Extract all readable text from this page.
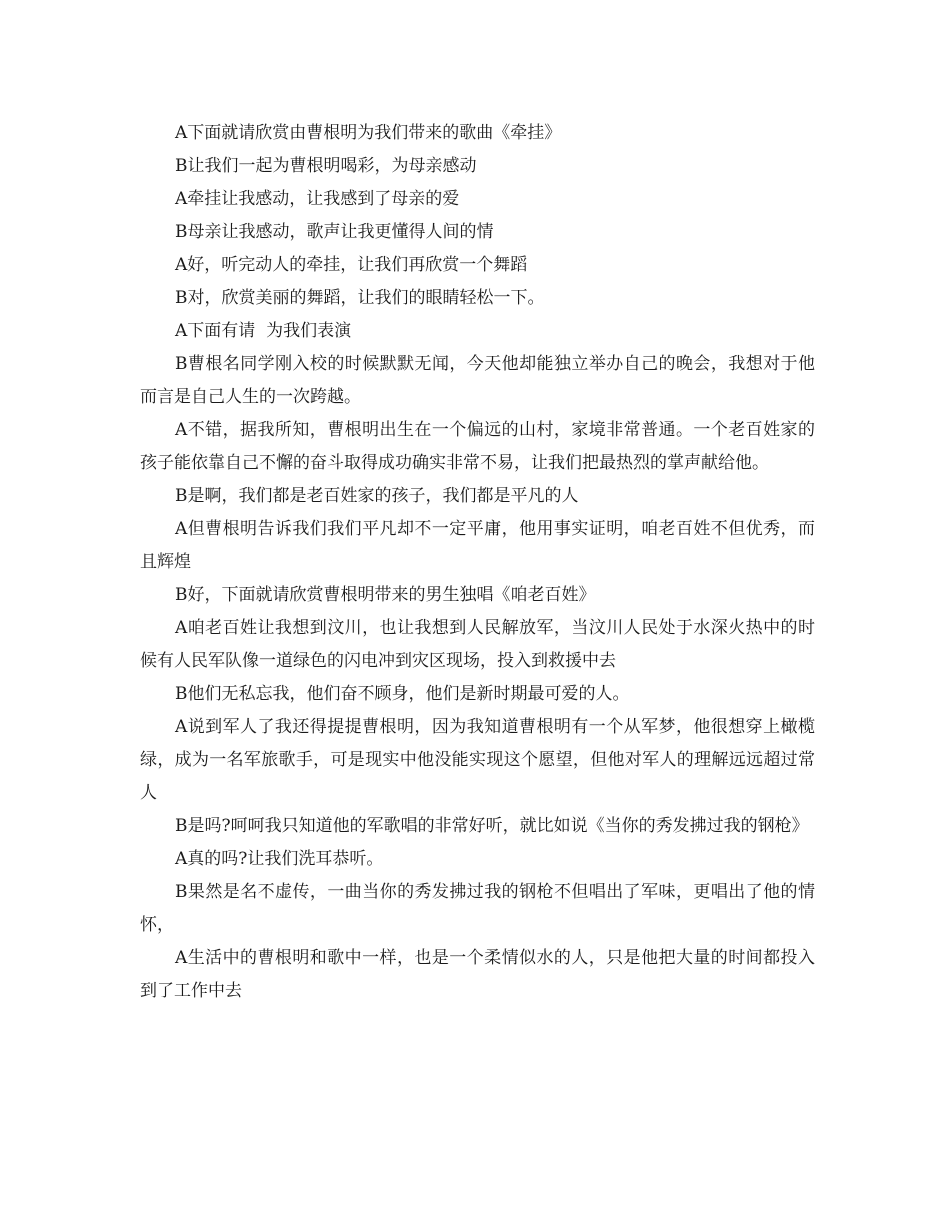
A下面就请欣赏由曹根明为我们带来的歌曲《牵挂》

B让我们一起为曹根明喝彩，为母亲感动

A牵挂让我感动，让我感到了母亲的爱

B母亲让我感动，歌声让我更懂得人间的情

A好，听完动人的牵挂，让我们再欣赏一个舞蹈

B对，欣赏美丽的舞蹈，让我们的眼睛轻松一下。

A下面有请  为我们表演

B曹根名同学刚入校的时候默默无闻，今天他却能独立举办自己的晚会，我想对于他而言是自己人生的一次跨越。

A不错，据我所知，曹根明出生在一个偏远的山村，家境非常普通。一个老百姓家的孩子能依靠自己不懈的奋斗取得成功确实非常不易，让我们把最热烈的掌声献给他。

B是啊，我们都是老百姓家的孩子，我们都是平凡的人

A但曹根明告诉我们我们平凡却不一定平庸，他用事实证明，咱老百姓不但优秀，而且辉煌

B好，下面就请欣赏曹根明带来的男生独唱《咱老百姓》

A咱老百姓让我想到汶川，也让我想到人民解放军，当汶川人民处于水深火热中的时候有人民军队像一道绿色的闪电冲到灾区现场，投入到救援中去

B他们无私忘我，他们奋不顾身，他们是新时期最可爱的人。

A说到军人了我还得提提曹根明，因为我知道曹根明有一个从军梦，他很想穿上橄榄绿，成为一名军旅歌手，可是现实中他没能实现这个愿望，但他对军人的理解远远超过常人

B是吗?呵呵我只知道他的军歌唱的非常好听，就比如说《当你的秀发拂过我的钢枪》

A真的吗?让我们洗耳恭听。

B果然是名不虚传，一曲当你的秀发拂过我的钢枪不但唱出了军味，更唱出了他的情怀，

A生活中的曹根明和歌中一样，也是一个柔情似水的人，只是他把大量的时间都投入到了工作中去
